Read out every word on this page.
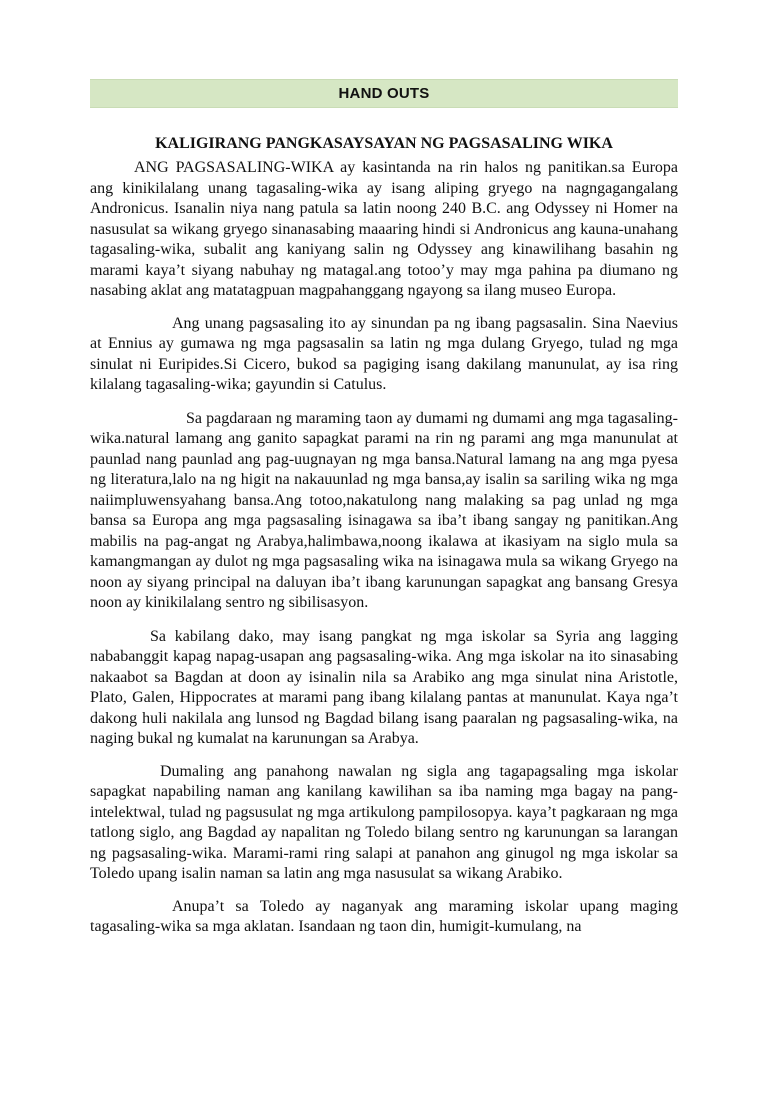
HAND OUTS
KALIGIRANG PANGKASAYSAYAN NG PAGSASALING WIKA

ANG PAGSASALING-WIKA ay kasintanda na rin halos ng panitikan.sa Europa ang kinikilalang unang tagasaling-wika ay isang aliping gryego na nagngagangalang Andronicus. Isanalin niya nang patula sa latin noong 240 B.C. ang Odyssey ni Homer na nasusulat sa wikang gryego sinanasabing maaaring hindi si Andronicus ang kauna-unahang tagasaling-wika, subalit ang kaniyang salin ng Odyssey ang kinawilihang basahin ng marami kaya’t siyang nabuhay ng matagal.ang totoo’y may mga pahina pa diumano ng nasabing aklat ang matatagpuan magpahanggang ngayong sa ilang museo Europa.

Ang unang pagsasaling ito ay sinundan pa ng ibang pagsasalin. Sina Naevius at Ennius ay gumawa ng mga pagsasalin sa latin ng mga dulang Gryego, tulad ng mga sinulat ni Euripides.Si Cicero, bukod sa pagiging isang dakilang manunulat, ay isa ring kilalang tagasaling-wika; gayundin si Catulus.

Sa pagdaraan ng maraming taon ay dumami ng dumami ang mga tagasaling-wika.natural lamang ang ganito sapagkat parami na rin ng parami ang mga manunulat at paunlad nang paunlad ang pag-uugnayan ng mga bansa.Natural lamang na ang mga pyesa ng literatura,lalo na ng higit na nakauunlad ng mga bansa,ay isalin sa sariling wika ng mga naiimpluwensyahang bansa.Ang totoo,nakatulong nang malaking sa pag unlad ng mga bansa sa Europa ang mga pagsasaling isinagawa sa iba’t ibang sangay ng panitikan.Ang mabilis na pag-angat ng Arabya,halimbawa,noong ikalawa at ikasiyam na siglo mula sa kamangmangan ay dulot ng mga pagsasaling wika na isinagawa mula sa wikang Gryego na noon ay siyang principal na daluyan iba’t ibang karunungan sapagkat ang bansang Gresya noon ay kinikilalang sentro ng sibilisasyon.

Sa kabilang dako, may isang pangkat ng mga iskolar sa Syria ang lagging nababanggit kapag napag-usapan ang pagsasaling-wika. Ang mga iskolar na ito sinasabing nakaabot sa Bagdan at doon ay isinalin nila sa Arabiko ang mga sinulat nina Aristotle, Plato, Galen, Hippocrates at marami pang ibang kilalang pantas at manunulat. Kaya nga’t dakong huli nakilala ang lunsod ng Bagdad bilang isang paaralan ng pagsasaling-wika, na naging bukal ng kumalat na karunungan sa Arabya.

Dumaling ang panahong nawalan ng sigla ang tagapagsaling mga iskolar sapagkat napabiling naman ang kanilang kawilihan sa iba naming mga bagay na pang-intelektwal, tulad ng pagsusulat ng mga artikulong pampilosopya. kaya’t pagkaraan ng mga tatlong siglo, ang Bagdad ay napalitan ng Toledo bilang sentro ng karunungan sa larangan ng pagsasaling-wika. Marami-rami ring salapi at panahon ang ginugol ng mga iskolar sa Toledo upang isalin naman sa latin ang mga nasusulat sa wikang Arabiko.

Anupa’t sa Toledo ay naganyak ang maraming iskolar upang maging tagasaling-wika sa mga aklatan. Isandaan ng taon din, humigit-kumulang, na
